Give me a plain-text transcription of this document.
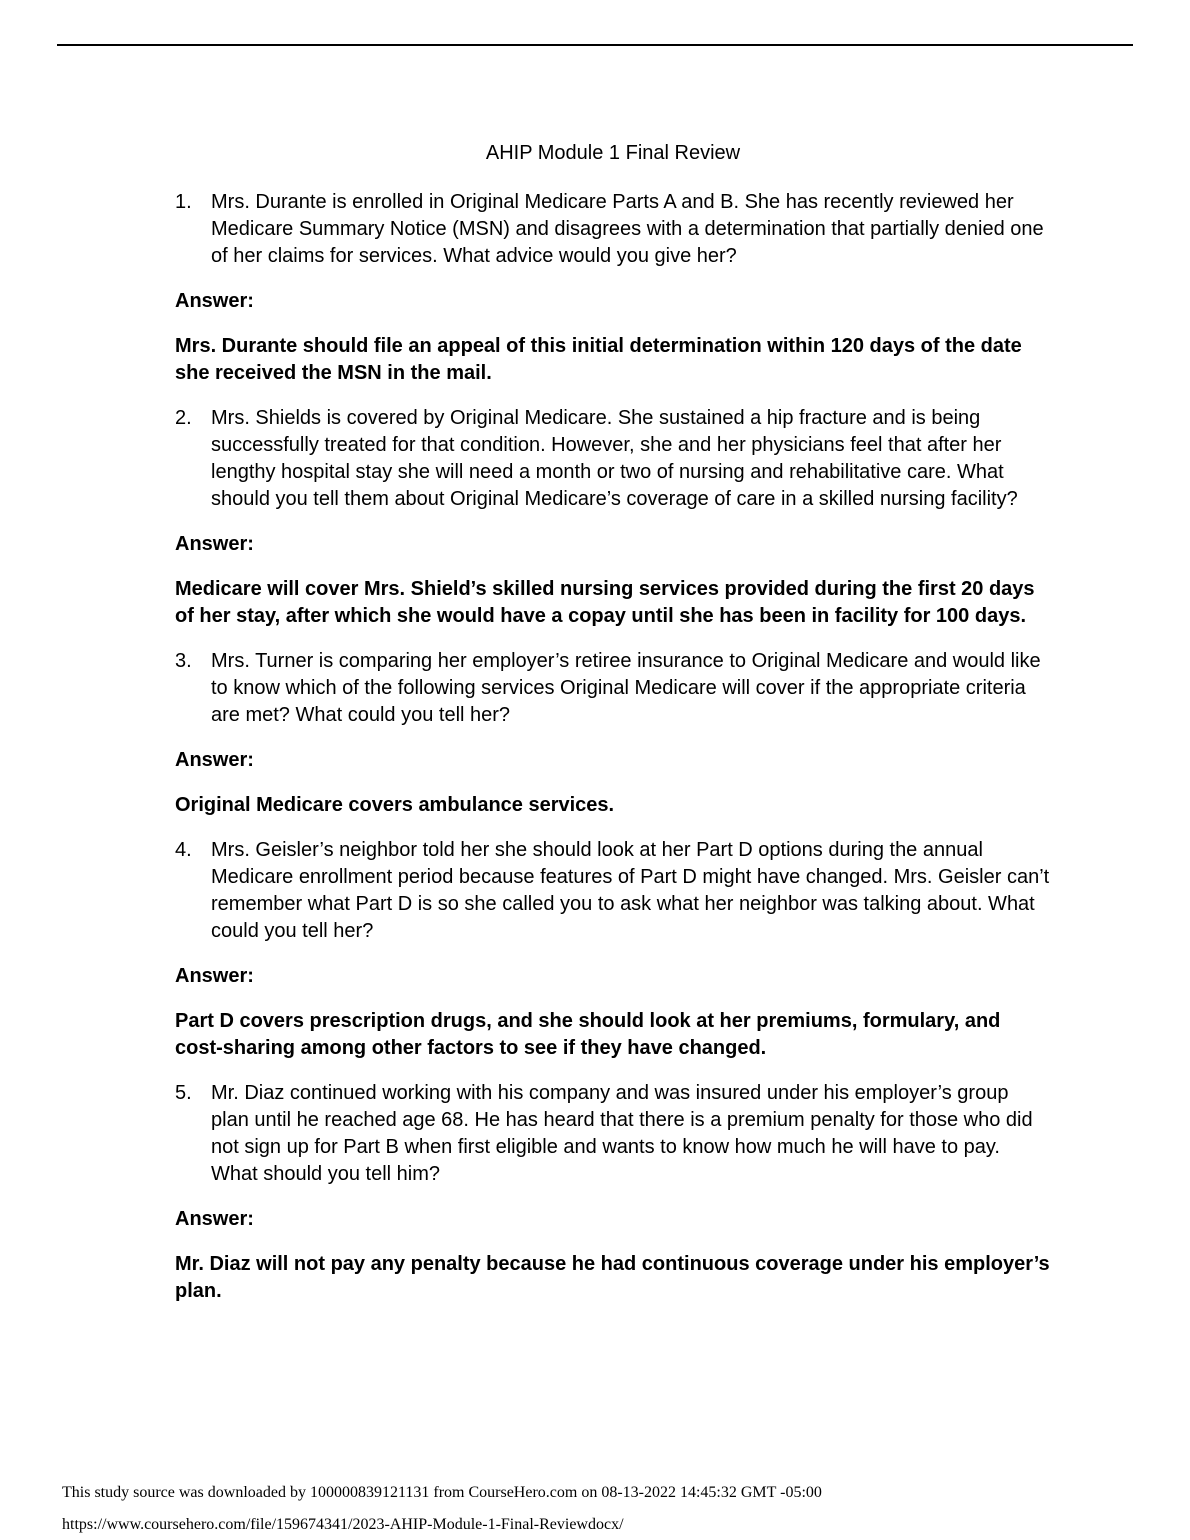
AHIP Module 1 Final Review

1. Mrs. Durante is enrolled in Original Medicare Parts A and B. She has recently reviewed her Medicare Summary Notice (MSN) and disagrees with a determination that partially denied one of her claims for services. What advice would you give her?

Answer:

Mrs. Durante should file an appeal of this initial determination within 120 days of the date she received the MSN in the mail.

2. Mrs. Shields is covered by Original Medicare. She sustained a hip fracture and is being successfully treated for that condition. However, she and her physicians feel that after her lengthy hospital stay she will need a month or two of nursing and rehabilitative care. What should you tell them about Original Medicare’s coverage of care in a skilled nursing facility?

Answer:

Medicare will cover Mrs. Shield’s skilled nursing services provided during the first 20 days of her stay, after which she would have a copay until she has been in facility for 100 days.

3. Mrs. Turner is comparing her employer’s retiree insurance to Original Medicare and would like to know which of the following services Original Medicare will cover if the appropriate criteria are met? What could you tell her?

Answer:

Original Medicare covers ambulance services.

4. Mrs. Geisler’s neighbor told her she should look at her Part D options during the annual Medicare enrollment period because features of Part D might have changed. Mrs. Geisler can’t remember what Part D is so she called you to ask what her neighbor was talking about. What could you tell her?

Answer:

Part D covers prescription drugs, and she should look at her premiums, formulary, and cost-sharing among other factors to see if they have changed.

5. Mr. Diaz continued working with his company and was insured under his employer’s group plan until he reached age 68. He has heard that there is a premium penalty for those who did not sign up for Part B when first eligible and wants to know how much he will have to pay. What should you tell him?

Answer:

Mr. Diaz will not pay any penalty because he had continuous coverage under his employer’s plan.

This study source was downloaded by 100000839121131 from CourseHero.com on 08-13-2022 14:45:32 GMT -05:00
https://www.coursehero.com/file/159674341/2023-AHIP-Module-1-Final-Reviewdocx/
